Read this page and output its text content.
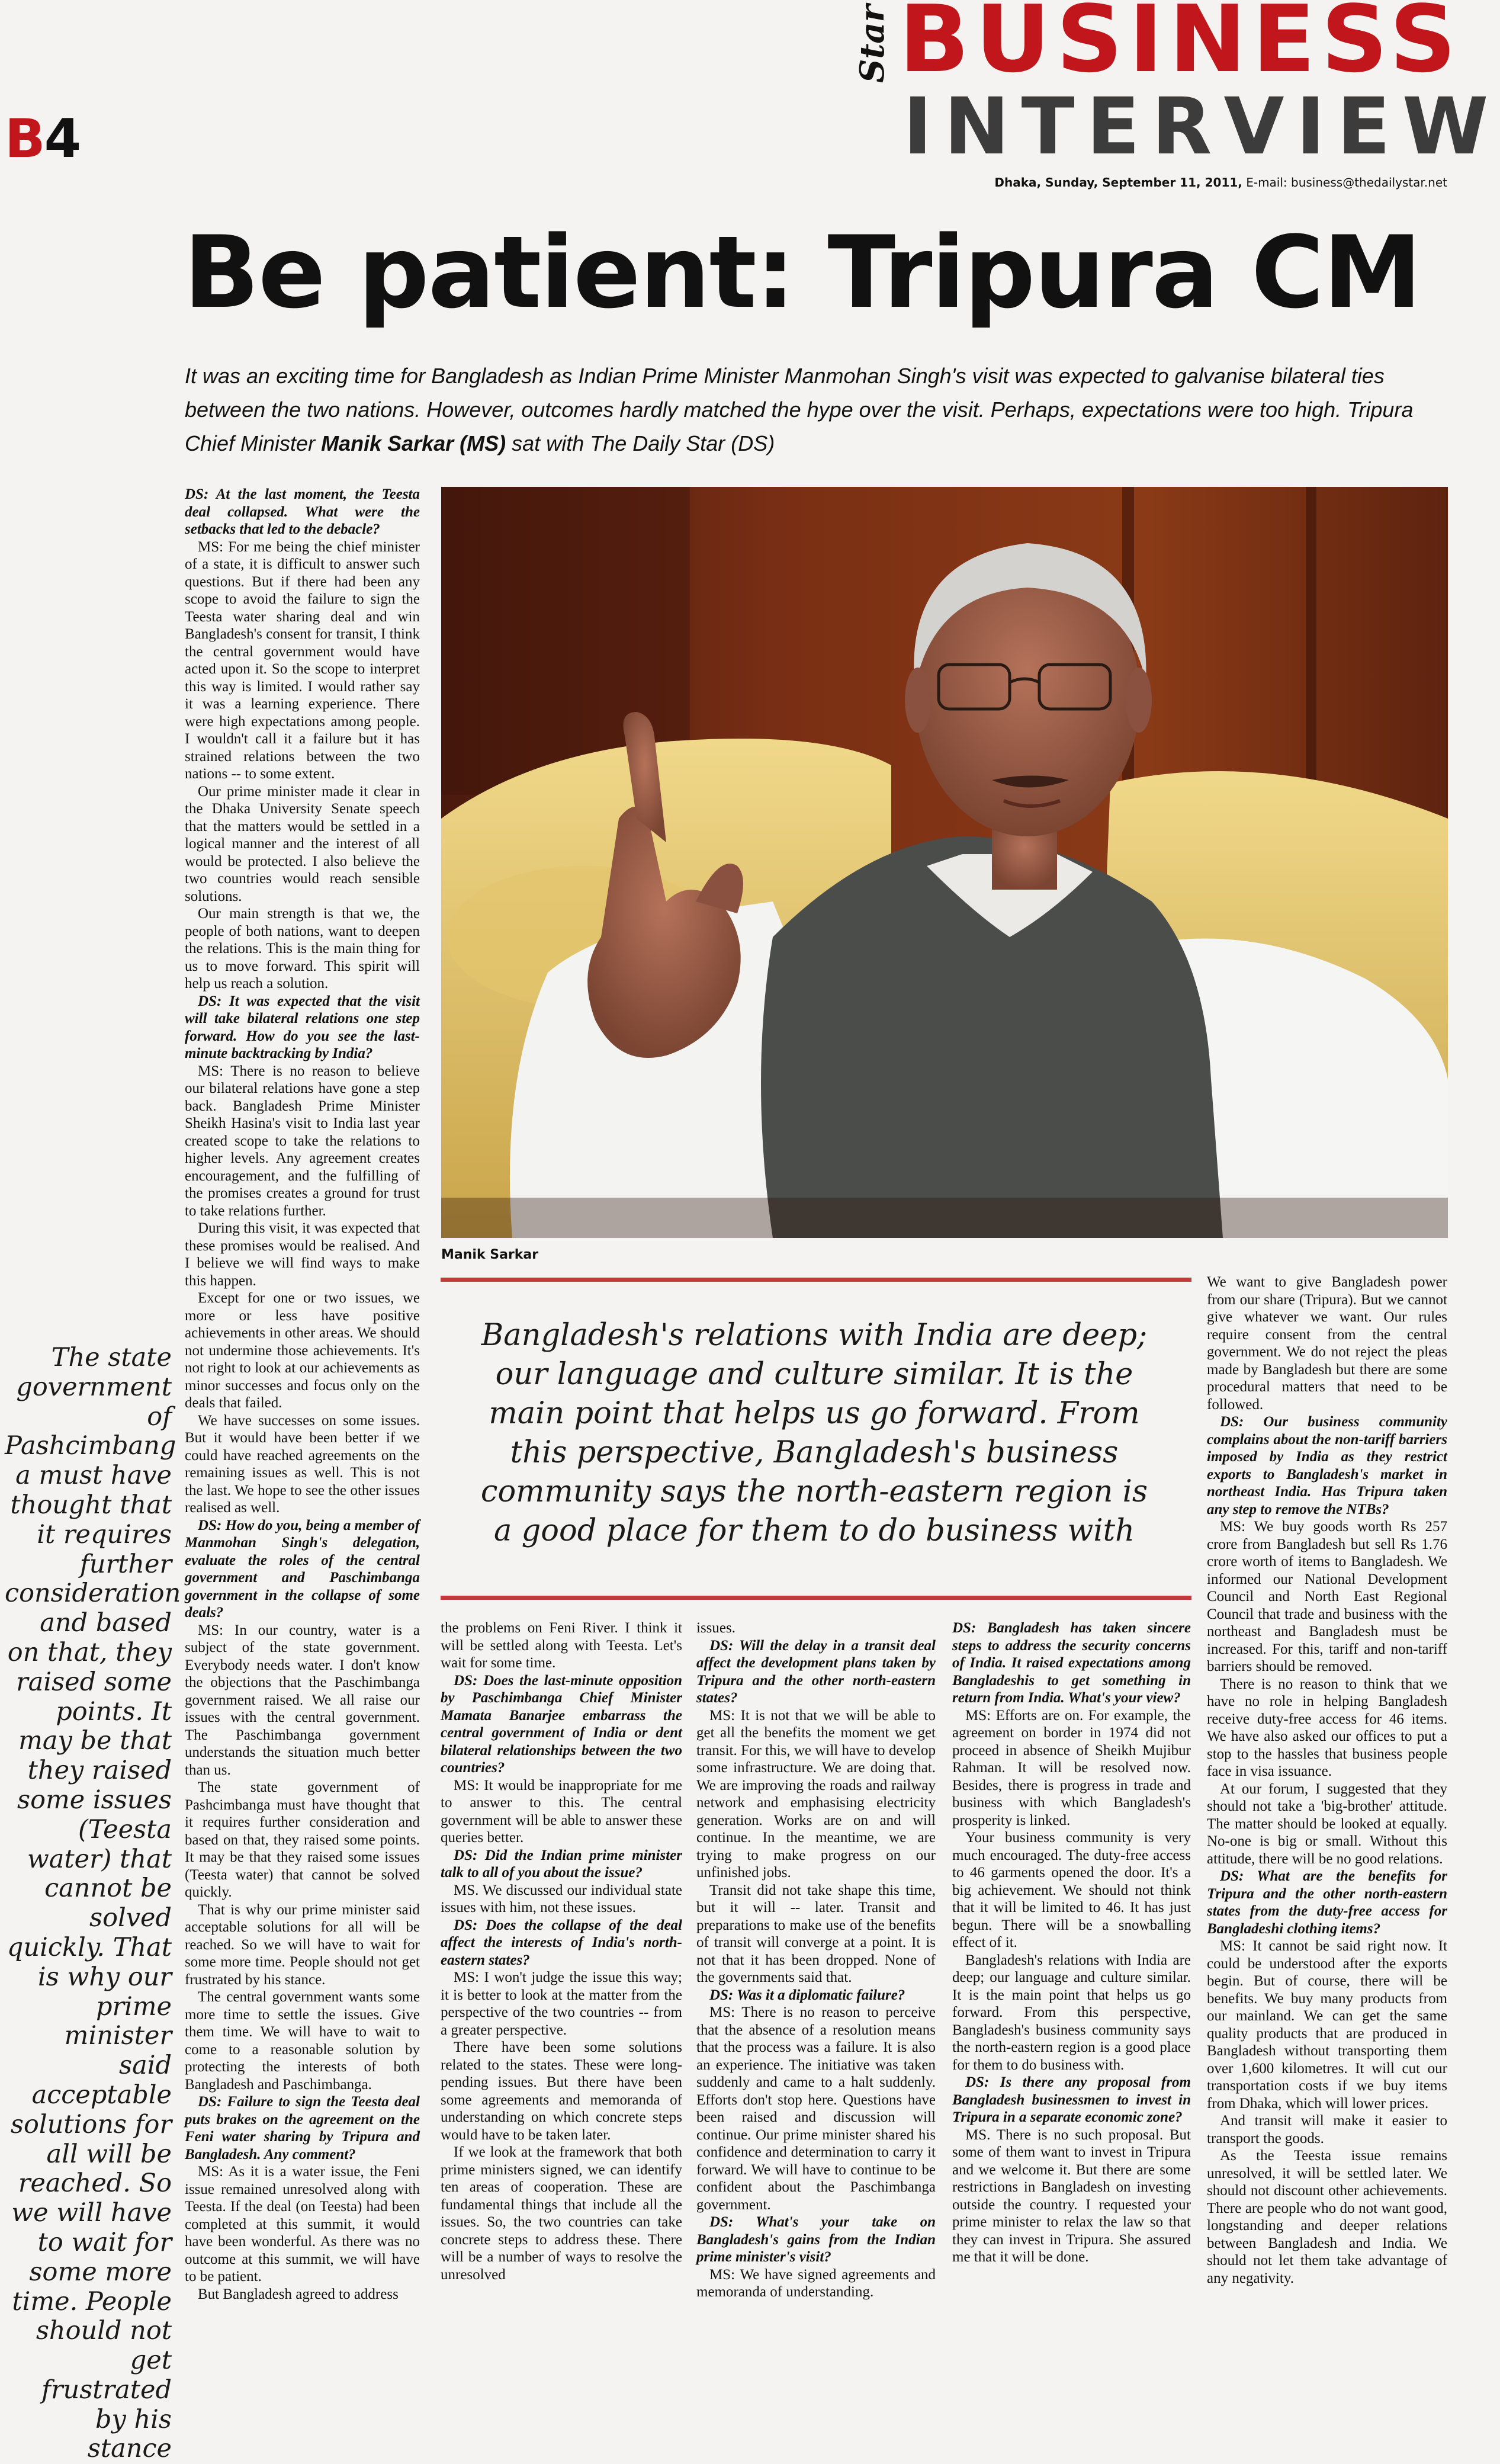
B4
Star BUSINESS
INTERVIEW
Dhaka, Sunday, September 11, 2011, E-mail: business@thedailystar.net
Be patient: Tripura CM
It was an exciting time for Bangladesh as Indian Prime Minister Manmohan Singh's visit was expected to galvanise bilateral ties between the two nations. However, outcomes hardly matched the hype over the visit. Perhaps, expectations were too high. Tripura Chief Minister Manik Sarkar (MS) sat with The Daily Star (DS)
Manik Sarkar

DS: At the last moment, the Teesta deal collapsed. What were the setbacks that led to the debacle?

MS: For me being the chief minister of a state, it is difficult to answer such questions. But if there had been any scope to avoid the failure to sign the Teesta water sharing deal and win Bangladesh's consent for transit, I think the central government would have acted upon it. So the scope to interpret this way is limited. I would rather say it was a learning experience. There were high expectations among people. I wouldn't call it a failure but it has strained relations between the two nations -- to some extent.

Our prime minister made it clear in the Dhaka University Senate speech that the matters would be settled in a logical manner and the interest of all would be protected. I also believe the two countries would reach sensible solutions.

Our main strength is that we, the people of both nations, want to deepen the relations. This is the main thing for us to move forward. This spirit will help us reach a solution.

DS: It was expected that the visit will take bilateral relations one step forward. How do you see the last-minute backtracking by India?

MS: There is no reason to believe our bilateral relations have gone a step back. Bangladesh Prime Minister Sheikh Hasina's visit to India last year created scope to take the relations to higher levels. Any agreement creates encouragement, and the fulfilling of the promises creates a ground for trust to take relations further.

During this visit, it was expected that these promises would be realised. And I believe we will find ways to make this happen.

Except for one or two issues, we more or less have positive achievements in other areas. We should not undermine those achievements. It's not right to look at our achievements as minor successes and focus only on the deals that failed.

We have successes on some issues. But it would have been better if we could have reached agreements on the remaining issues as well. This is not the last. We hope to see the other issues realised as well.

DS: How do you, being a member of Manmohan Singh's delegation, evaluate the roles of the central government and Paschimbanga government in the collapse of some deals?

MS: In our country, water is a subject of the state government. Everybody needs water. I don't know the objections that the Paschimbanga government raised. We all raise our issues with the central government. The Paschimbanga government understands the situation much better than us.

The state government of Pashcimbanga must have thought that it requires further consideration and based on that, they raised some points. It may be that they raised some issues (Teesta water) that cannot be solved quickly.

That is why our prime minister said acceptable solutions for all will be reached. So we will have to wait for some more time. People should not get frustrated by his stance.

The central government wants some more time to settle the issues. Give them time. We will have to wait to come to a reasonable solution by protecting the interests of both Bangladesh and Paschimbanga.

DS: Failure to sign the Teesta deal puts brakes on the agreement on the Feni water sharing by Tripura and Bangladesh. Any comment?

MS: As it is a water issue, the Feni issue remained unresolved along with Teesta. If the deal (on Teesta) had been completed at this summit, it would have been wonderful. As there was no outcome at this summit, we will have to be patient.

But Bangladesh agreed to address

the problems on Feni River. I think it will be settled along with Teesta. Let's wait for some time.

DS: Does the last-minute opposition by Paschimbanga Chief Minister Mamata Banarjee embarrass the central government of India or dent bilateral relationships between the two countries?

MS: It would be inappropriate for me to answer to this. The central government will be able to answer these queries better.

DS: Did the Indian prime minister talk to all of you about the issue?

MS. We discussed our individual state issues with him, not these issues.

DS: Does the collapse of the deal affect the interests of India's north-eastern states?

MS: I won't judge the issue this way; it is better to look at the matter from the perspective of the two countries -- from a greater perspective.

There have been some solutions related to the states. These were long-pending issues. But there have been some agreements and memoranda of understanding on which concrete steps would have to be taken later.

If we look at the framework that both prime ministers signed, we can identify ten areas of cooperation. These are fundamental things that include all the issues. So, the two countries can take concrete steps to address these. There will be a number of ways to resolve the unresolved

issues.

DS: Will the delay in a transit deal affect the development plans taken by Tripura and the other north-eastern states?

MS: It is not that we will be able to get all the benefits the moment we get transit. For this, we will have to develop some infrastructure. We are doing that. We are improving the roads and railway network and emphasising electricity generation. Works are on and will continue. In the meantime, we are trying to make progress on our unfinished jobs.

Transit did not take shape this time, but it will -- later. Transit and preparations to make use of the benefits of transit will converge at a point. It is not that it has been dropped. None of the governments said that.

DS: Was it a diplomatic failure?

MS: There is no reason to perceive that the absence of a resolution means that the process was a failure. It is also an experience. The initiative was taken suddenly and came to a halt suddenly. Efforts don't stop here. Questions have been raised and discussion will continue. Our prime minister shared his confidence and determination to carry it forward. We will have to continue to be confident about the Paschimbanga government.

DS: What's your take on Bangladesh's gains from the Indian prime minister's visit?

MS: We have signed agreements and memoranda of understanding.

DS: Bangladesh has taken sincere steps to address the security concerns of India. It raised expectations among Bangladeshis to get something in return from India. What's your view?

MS: Efforts are on. For example, the agreement on border in 1974 did not proceed in absence of Sheikh Mujibur Rahman. It will be resolved now. Besides, there is progress in trade and business with which Bangladesh's prosperity is linked.

Your business community is very much encouraged. The duty-free access to 46 garments opened the door. It's a big achievement. We should not think that it will be limited to 46. It has just begun. There will be a snowballing effect of it.

Bangladesh's relations with India are deep; our language and culture similar. It is the main point that helps us go forward. From this perspective, Bangladesh's business community says the north-eastern region is a good place for them to do business with.

DS: Is there any proposal from Bangladesh businessmen to invest in Tripura in a separate economic zone?

MS. There is no such proposal. But some of them want to invest in Tripura and we welcome it. But there are some restrictions in Bangladesh on investing outside the country. I requested your prime minister to relax the law so that they can invest in Tripura. She assured me that it will be done.

We want to give Bangladesh power from our share (Tripura). But we cannot give whatever we want. Our rules require consent from the central government. We do not reject the pleas made by Bangladesh but there are some procedural matters that need to be followed.

DS: Our business community complains about the non-tariff barriers imposed by India as they restrict exports to Bangladesh's market in northeast India. Has Tripura taken any step to remove the NTBs?

MS: We buy goods worth Rs 257 crore from Bangladesh but sell Rs 1.76 crore worth of items to Bangladesh. We informed our National Development Council and North East Regional Council that trade and business with the northeast and Bangladesh must be increased. For this, tariff and non-tariff barriers should be removed.

There is no reason to think that we have no role in helping Bangladesh receive duty-free access for 46 items. We have also asked our offices to put a stop to the hassles that business people face in visa issuance.

At our forum, I suggested that they should not take a 'big-brother' attitude. The matter should be looked at equally. No-one is big or small. Without this attitude, there will be no good relations.

DS: What are the benefits for Tripura and the other north-eastern states from the duty-free access for Bangladeshi clothing items?

MS: It cannot be said right now. It could be understood after the exports begin. But of course, there will be benefits. We buy many products from our mainland. We can get the same quality products that are produced in Bangladesh without transporting them over 1,600 kilometres. It will cut our transportation costs if we buy items from Dhaka, which will lower prices.

And transit will make it easier to transport the goods.

As the Teesta issue remains unresolved, it will be settled later. We should not discount other achievements. There are people who do not want good, longstanding and deeper relations between Bangladesh and India. We should not let them take advantage of any negativity.

Bangladesh's relations with India are deep; our language and culture similar. It is the main point that helps us go forward. From this perspective, Bangladesh's business community says the north-eastern region is a good place for them to do business with
The state government of Pashcimbang a must have thought that it requires further consideration and based on that, they raised some points. It may be that they raised some issues (Teesta water) that cannot be solved quickly. That is why our prime minister said acceptable solutions for all will be reached. So we will have to wait for some more time. People should not get frustrated by his stance
